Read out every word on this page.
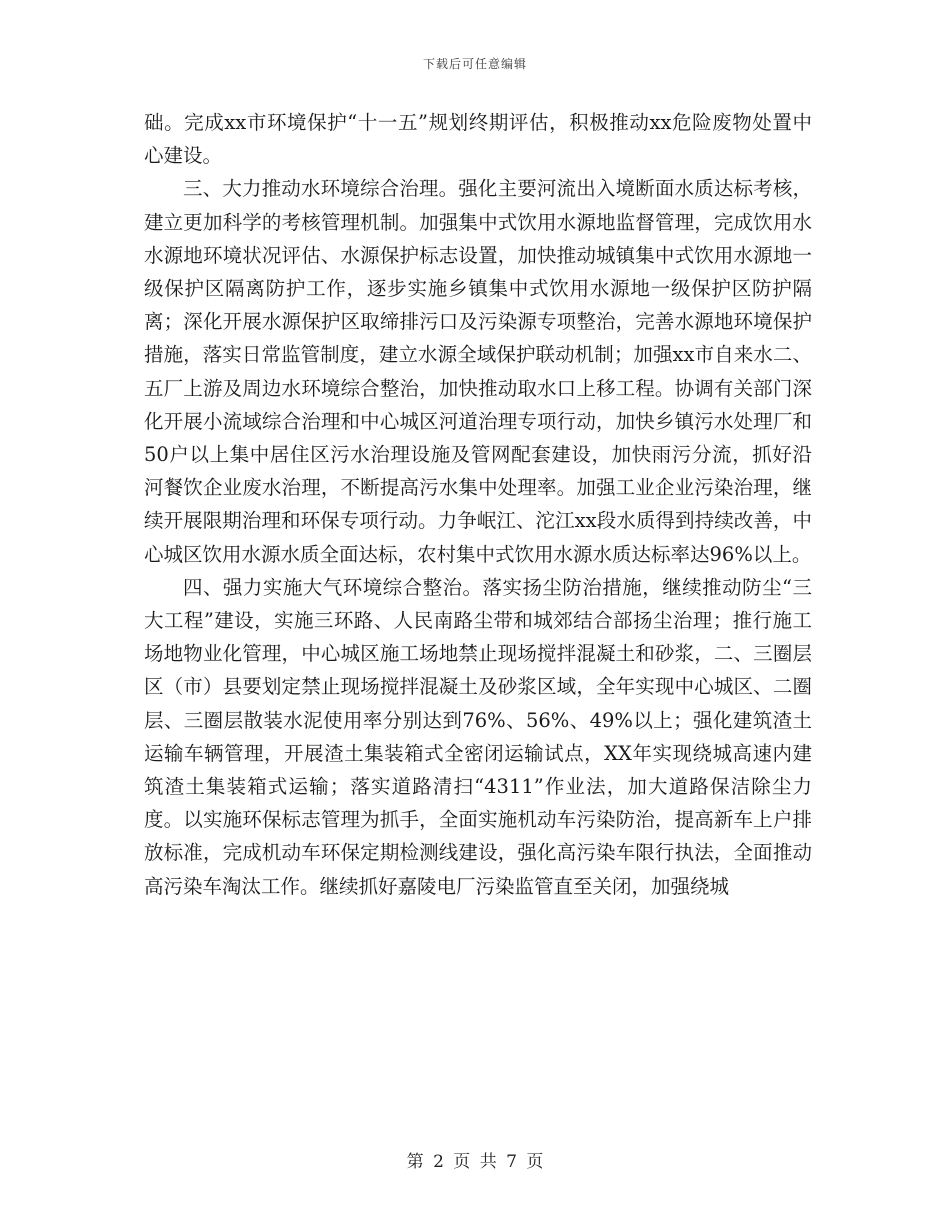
下载后可任意编辑

础。完成xx市环境保护“十一五”规划终期评估，积极推动xx危险废物处置中心建设。

三、大力推动水环境综合治理。强化主要河流出入境断面水质达标考核，建立更加科学的考核管理机制。加强集中式饮用水源地监督管理，完成饮用水水源地环境状况评估、水源保护标志设置，加快推动城镇集中式饮用水源地一级保护区隔离防护工作，逐步实施乡镇集中式饮用水源地一级保护区防护隔离；深化开展水源保护区取缔排污口及污染源专项整治，完善水源地环境保护措施，落实日常监管制度，建立水源全域保护联动机制；加强xx市自来水二、五厂上游及周边水环境综合整治，加快推动取水口上移工程。协调有关部门深化开展小流域综合治理和中心城区河道治理专项行动，加快乡镇污水处理厂和50户以上集中居住区污水治理设施及管网配套建设，加快雨污分流，抓好沿河餐饮企业废水治理，不断提高污水集中处理率。加强工业企业污染治理，继续开展限期治理和环保专项行动。力争岷江、沱江xx段水质得到持续改善，中心城区饮用水源水质全面达标，农村集中式饮用水源水质达标率达96%以上。

四、强力实施大气环境综合整治。落实扬尘防治措施，继续推动防尘“三大工程”建设，实施三环路、人民南路尘带和城郊结合部扬尘治理；推行施工场地物业化管理，中心城区施工场地禁止现场搅拌混凝土和砂浆，二、三圈层区（市）县要划定禁止现场搅拌混凝土及砂浆区域，全年实现中心城区、二圈层、三圈层散装水泥使用率分别达到76%、56%、49%以上；强化建筑渣土运输车辆管理，开展渣土集装箱式全密闭运输试点，XX年实现绕城高速内建筑渣土集装箱式运输；落实道路清扫“4311”作业法，加大道路保洁除尘力度。以实施环保标志管理为抓手，全面实施机动车污染防治，提高新车上户排放标准，完成机动车环保定期检测线建设，强化高污染车限行执法，全面推动高污染车淘汰工作。继续抓好嘉陵电厂污染监管直至关闭，加强绕城

第 2 页 共 7 页
